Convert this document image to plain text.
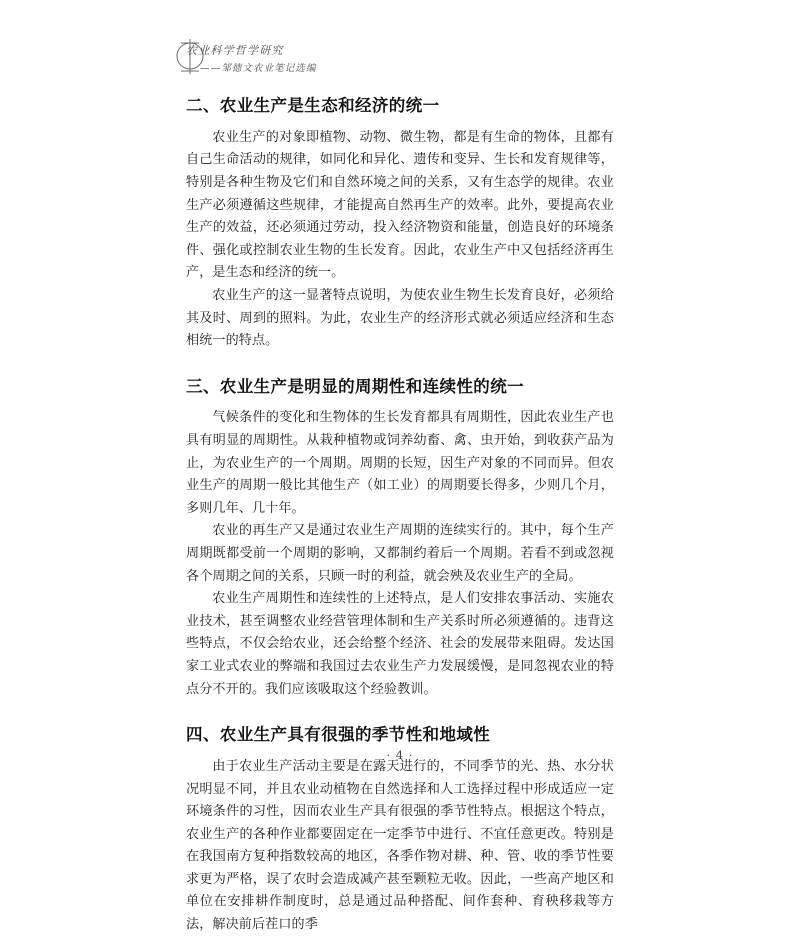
农业科学哲学研究
——邹德文农业笔记选编
二、农业生产是生态和经济的统一

农业生产的对象即植物、动物、微生物，都是有生命的物体，且都有自己生命活动的规律，如同化和异化、遗传和变异、生长和发育规律等，特别是各种生物及它们和自然环境之间的关系，又有生态学的规律。农业生产必须遵循这些规律，才能提高自然再生产的效率。此外，要提高农业生产的效益，还必须通过劳动，投入经济物资和能量，创造良好的环境条件、强化或控制农业生物的生长发育。因此，农业生产中又包括经济再生产，是生态和经济的统一。

农业生产的这一显著特点说明，为使农业生物生长发育良好，必须给其及时、周到的照料。为此，农业生产的经济形式就必须适应经济和生态相统一的特点。

三、农业生产是明显的周期性和连续性的统一

气候条件的变化和生物体的生长发育都具有周期性，因此农业生产也具有明显的周期性。从栽种植物或饲养幼畜、禽、虫开始，到收获产品为止，为农业生产的一个周期。周期的长短，因生产对象的不同而异。但农业生产的周期一般比其他生产（如工业）的周期要长得多，少则几个月，多则几年、几十年。

农业的再生产又是通过农业生产周期的连续实行的。其中，每个生产周期既都受前一个周期的影响，又都制约着后一个周期。若看不到或忽视各个周期之间的关系，只顾一时的利益，就会殃及农业生产的全局。

农业生产周期性和连续性的上述特点，是人们安排农事活动、实施农业技术，甚至调整农业经营管理体制和生产关系时所必须遵循的。违背这些特点，不仅会给农业，还会给整个经济、社会的发展带来阻碍。发达国家工业式农业的弊端和我国过去农业生产力发展缓慢，是同忽视农业的特点分不开的。我们应该吸取这个经验教训。

四、农业生产具有很强的季节性和地域性

由于农业生产活动主要是在露天进行的，不同季节的光、热、水分状况明显不同，并且农业动植物在自然选择和人工选择过程中形成适应一定环境条件的习性，因而农业生产具有很强的季节性特点。根据这个特点，农业生产的各种作业都要固定在一定季节中进行、不宜任意更改。特别是在我国南方复种指数较高的地区，各季作物对耕、种、管、收的季节性要求更为严格，误了农时会造成减产甚至颗粒无收。因此，一些高产地区和单位在安排耕作制度时，总是通过品种搭配、间作套种、育秧移栽等方法，解决前后茬口的季

· 4 ·
